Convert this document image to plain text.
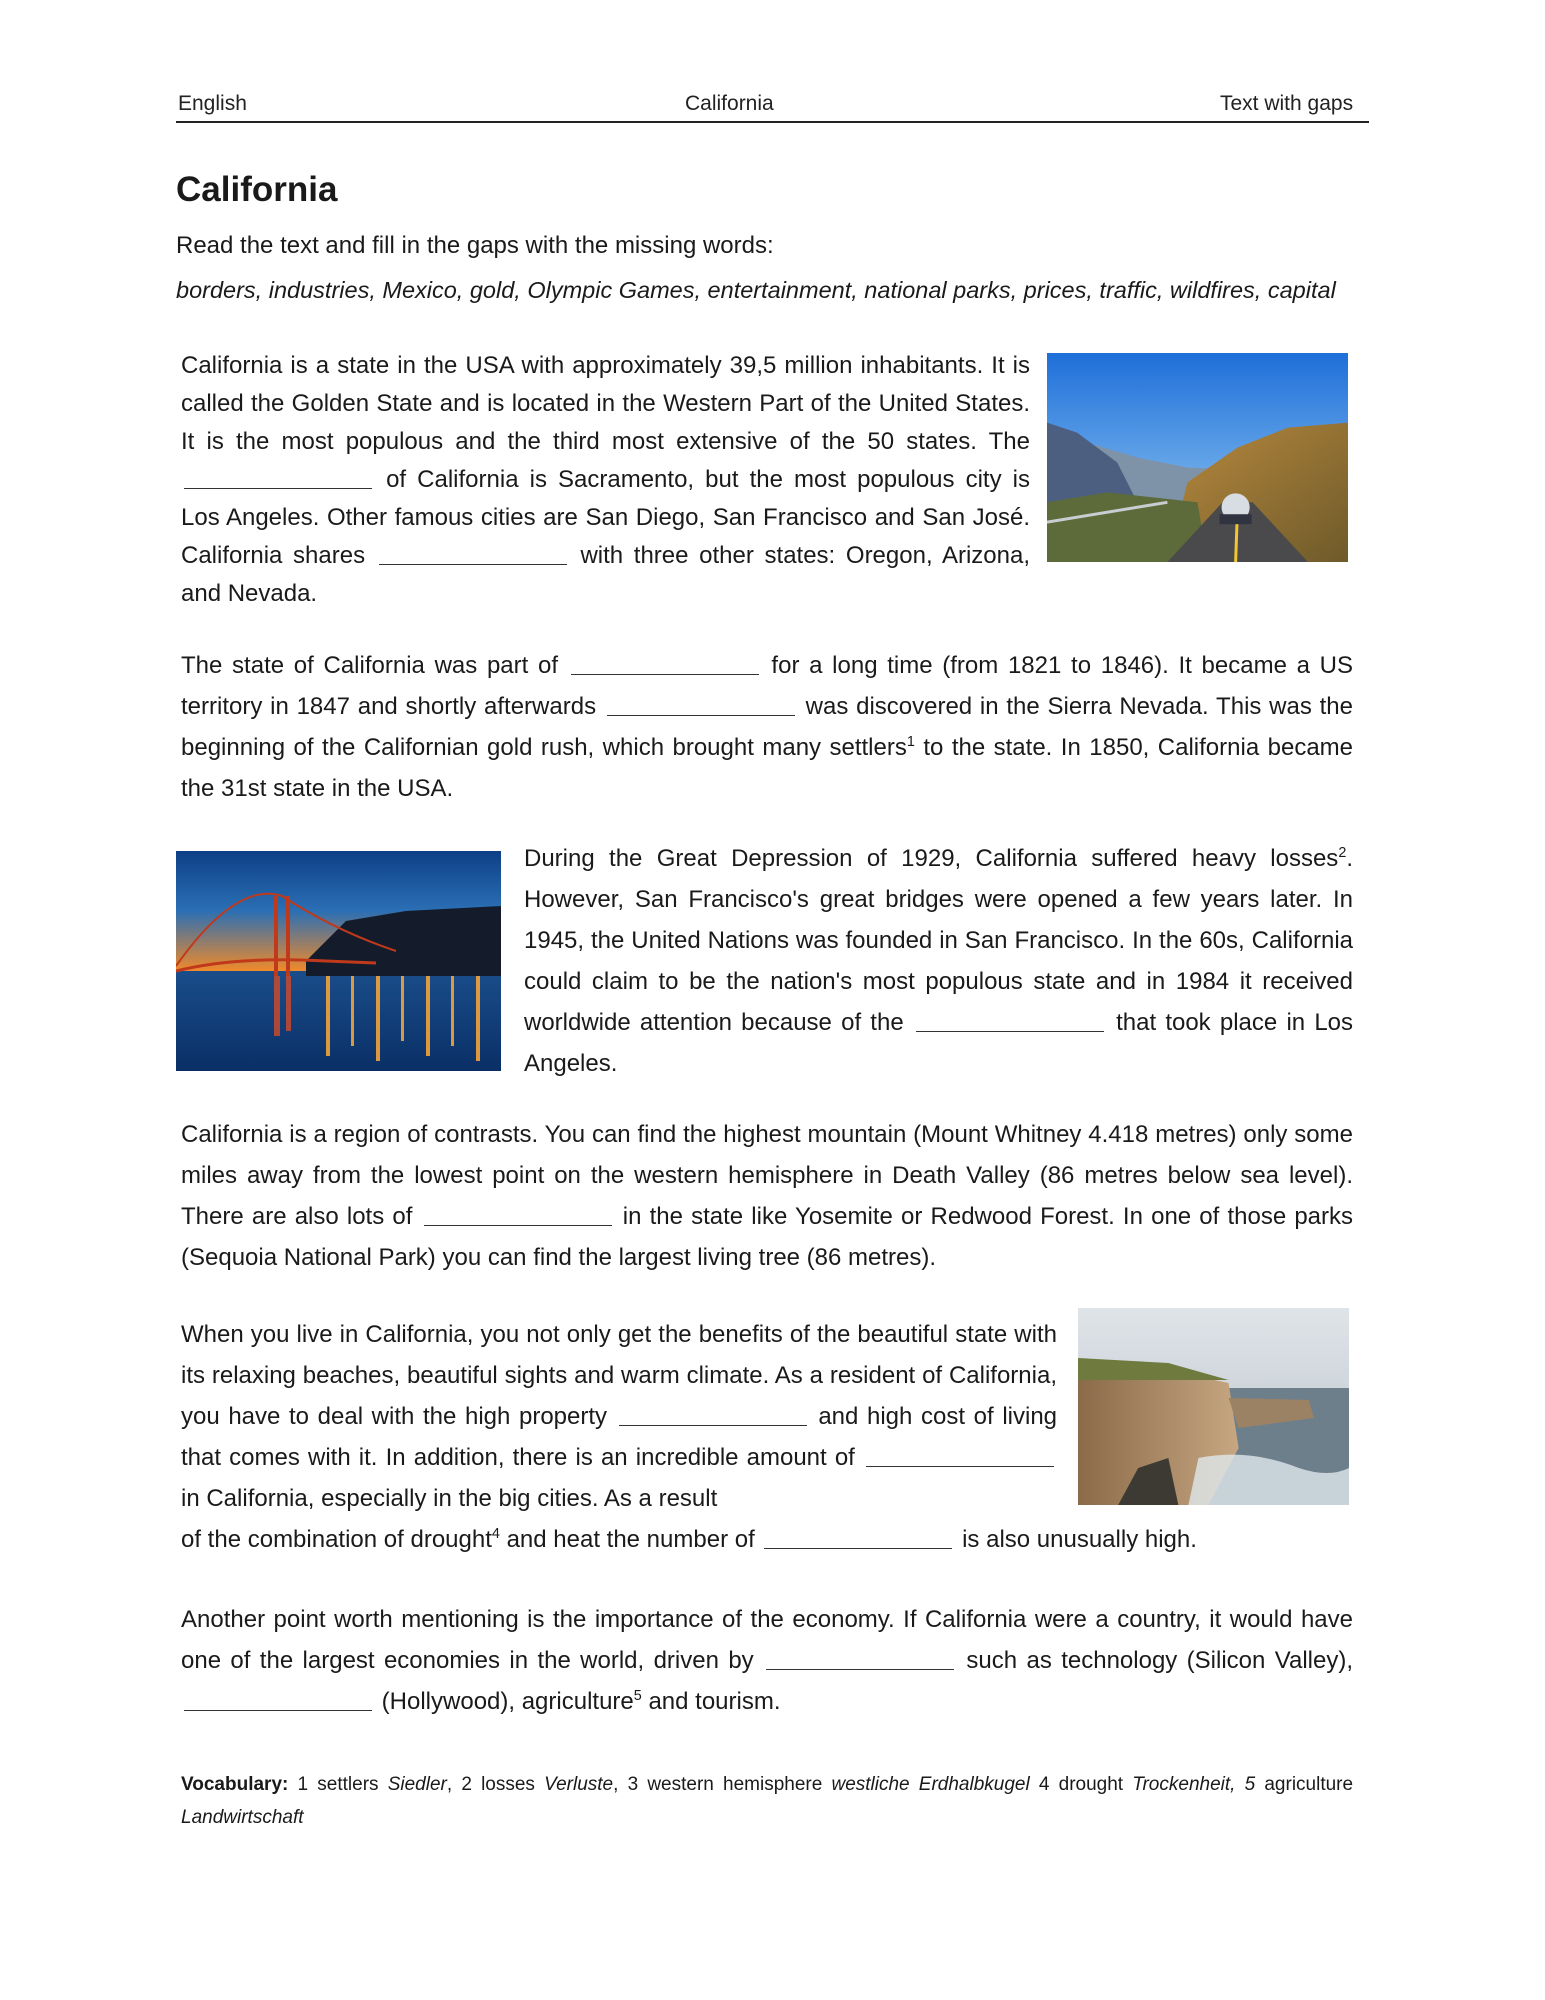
English	California	Text with gaps
California
Read the text and fill in the gaps with the missing words:
borders, industries, Mexico, gold, Olympic Games, entertainment, national parks, prices, traffic, wildfires, capital
California is a state in the USA with approximately 39,5 million inhabitants. It is called the Golden State and is located in the Western Part of the United States. It is the most populous and the third most extensive of the 50 states. The  of California is Sacramento, but the most populous city is Los Angeles. Other famous cities are San Diego, San Francisco and San José. California shares	with three other states: Oregon, Arizona, and Nevada.
The state of California was part of	for a long time (from 1821 to 1846). It became a US territory in 1847 and shortly afterwards	was discovered in the Sierra Nevada. This was the beginning of the Californian gold rush, which brought many settlers$^1$ to the state. In 1850, California became the 31st state in the USA.
During the Great Depression of 1929, California suffered heavy losses$^2$. However, San Francisco's great bridges were opened a few years later. In 1945, the United Nations was founded in San Francisco. In the 60s, California could claim to be the nation's most populous state and in 1984 it received worldwide attention because of the	that took place in Los Angeles.
California is a region of contrasts. You can find the highest mountain (Mount Whitney 4.418 metres) only some miles away from the lowest point on the western hemisphere in Death Valley (86 metres below sea level). There are also lots of	in the state like Yosemite or Redwood Forest. In one of those parks (Sequoia National Park) you can find the largest living tree (86 metres).
When you live in California, you not only get the benefits of the beautiful state with its relaxing beaches, beautiful sights and warm climate. As a resident of California, you have to deal with the high property	and high cost of living that comes with it. In addition, there is an incredible amount of  in California, especially in the big cities. As a result
of the combination of drought$^4$ and heat the number of	is also unusually high.
Another point worth mentioning is the importance of the economy. If California were a country, it would have one of the largest economies in the world, driven by	such as technology (Silicon Valley),  (Hollywood), agriculture$^5$ and tourism.
Vocabulary: 1 settlers Siedler, 2 losses Verluste, 3 western hemisphere westliche Erdhalbkugel 4 drought Trockenheit, 5 agriculture Landwirtschaft
